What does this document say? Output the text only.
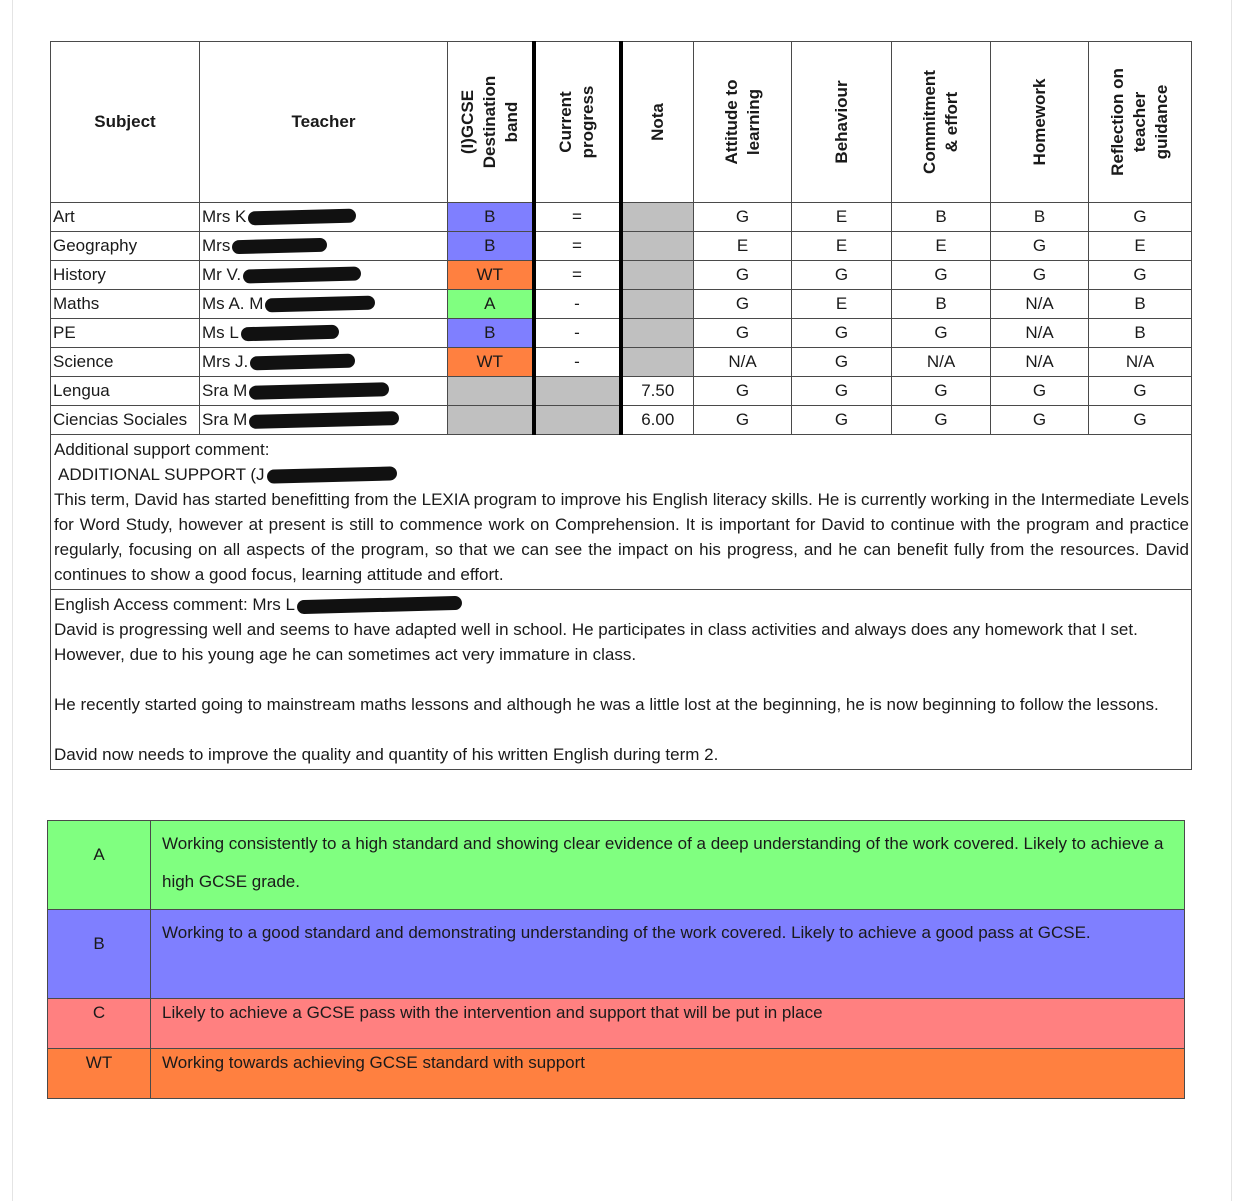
Subject	Teacher	(I)GCSE Destination band	Current progress	Nota	Attitude to learning	Behaviour	Commitment & effort	Homework	Reflection on teacher guidance

Art	Mrs K	B	=		G	E	B	B	G
Geography	Mrs	B	=		E	E	E	G	E
History	Mr V.	WT	=		G	G	G	G	G
Maths	Ms A. M	A	-		G	E	B	N/A	B
PE	Ms L	B	-		G	G	G	N/A	B
Science	Mrs J.	WT	-		N/A	G	N/A	N/A	N/A
Lengua	Sra M			7.50	G	G	G	G	G
Ciencias Sociales	Sra M			6.00	G	G	G	G	G

Additional support comment:
ADDITIONAL SUPPORT (J

This term, David has started benefitting from the LEXIA program to improve his English literacy skills. He is currently working in the Intermediate Levels for Word Study, however at present is still to commence work on Comprehension. It is important for David to continue with the program and practice regularly, focusing on all aspects of the program, so that we can see the impact on his progress, and he can benefit fully from the resources. David continues to show a good focus, learning attitude and effort.									

English Access comment: Mrs L

David is progressing well and seems to have adapted well in school. He participates in class activities and always does any homework that I set. However, due to his young age he can sometimes act very immature in class.

He recently started going to mainstream maths lessons and although he was a little lost at the beginning, he is now beginning to follow the lessons.

David now needs to improve the quality and quantity of his written English during term 2.									

A	Working consistently to a high standard and showing clear evidence of a deep understanding of the work covered. Likely to achieve a high GCSE grade.
B	Working to a good standard and demonstrating understanding of the work covered. Likely to achieve a good pass at GCSE.
C	Likely to achieve a GCSE pass with the intervention and support that will be put in place
WT	Working towards achieving GCSE standard with support
